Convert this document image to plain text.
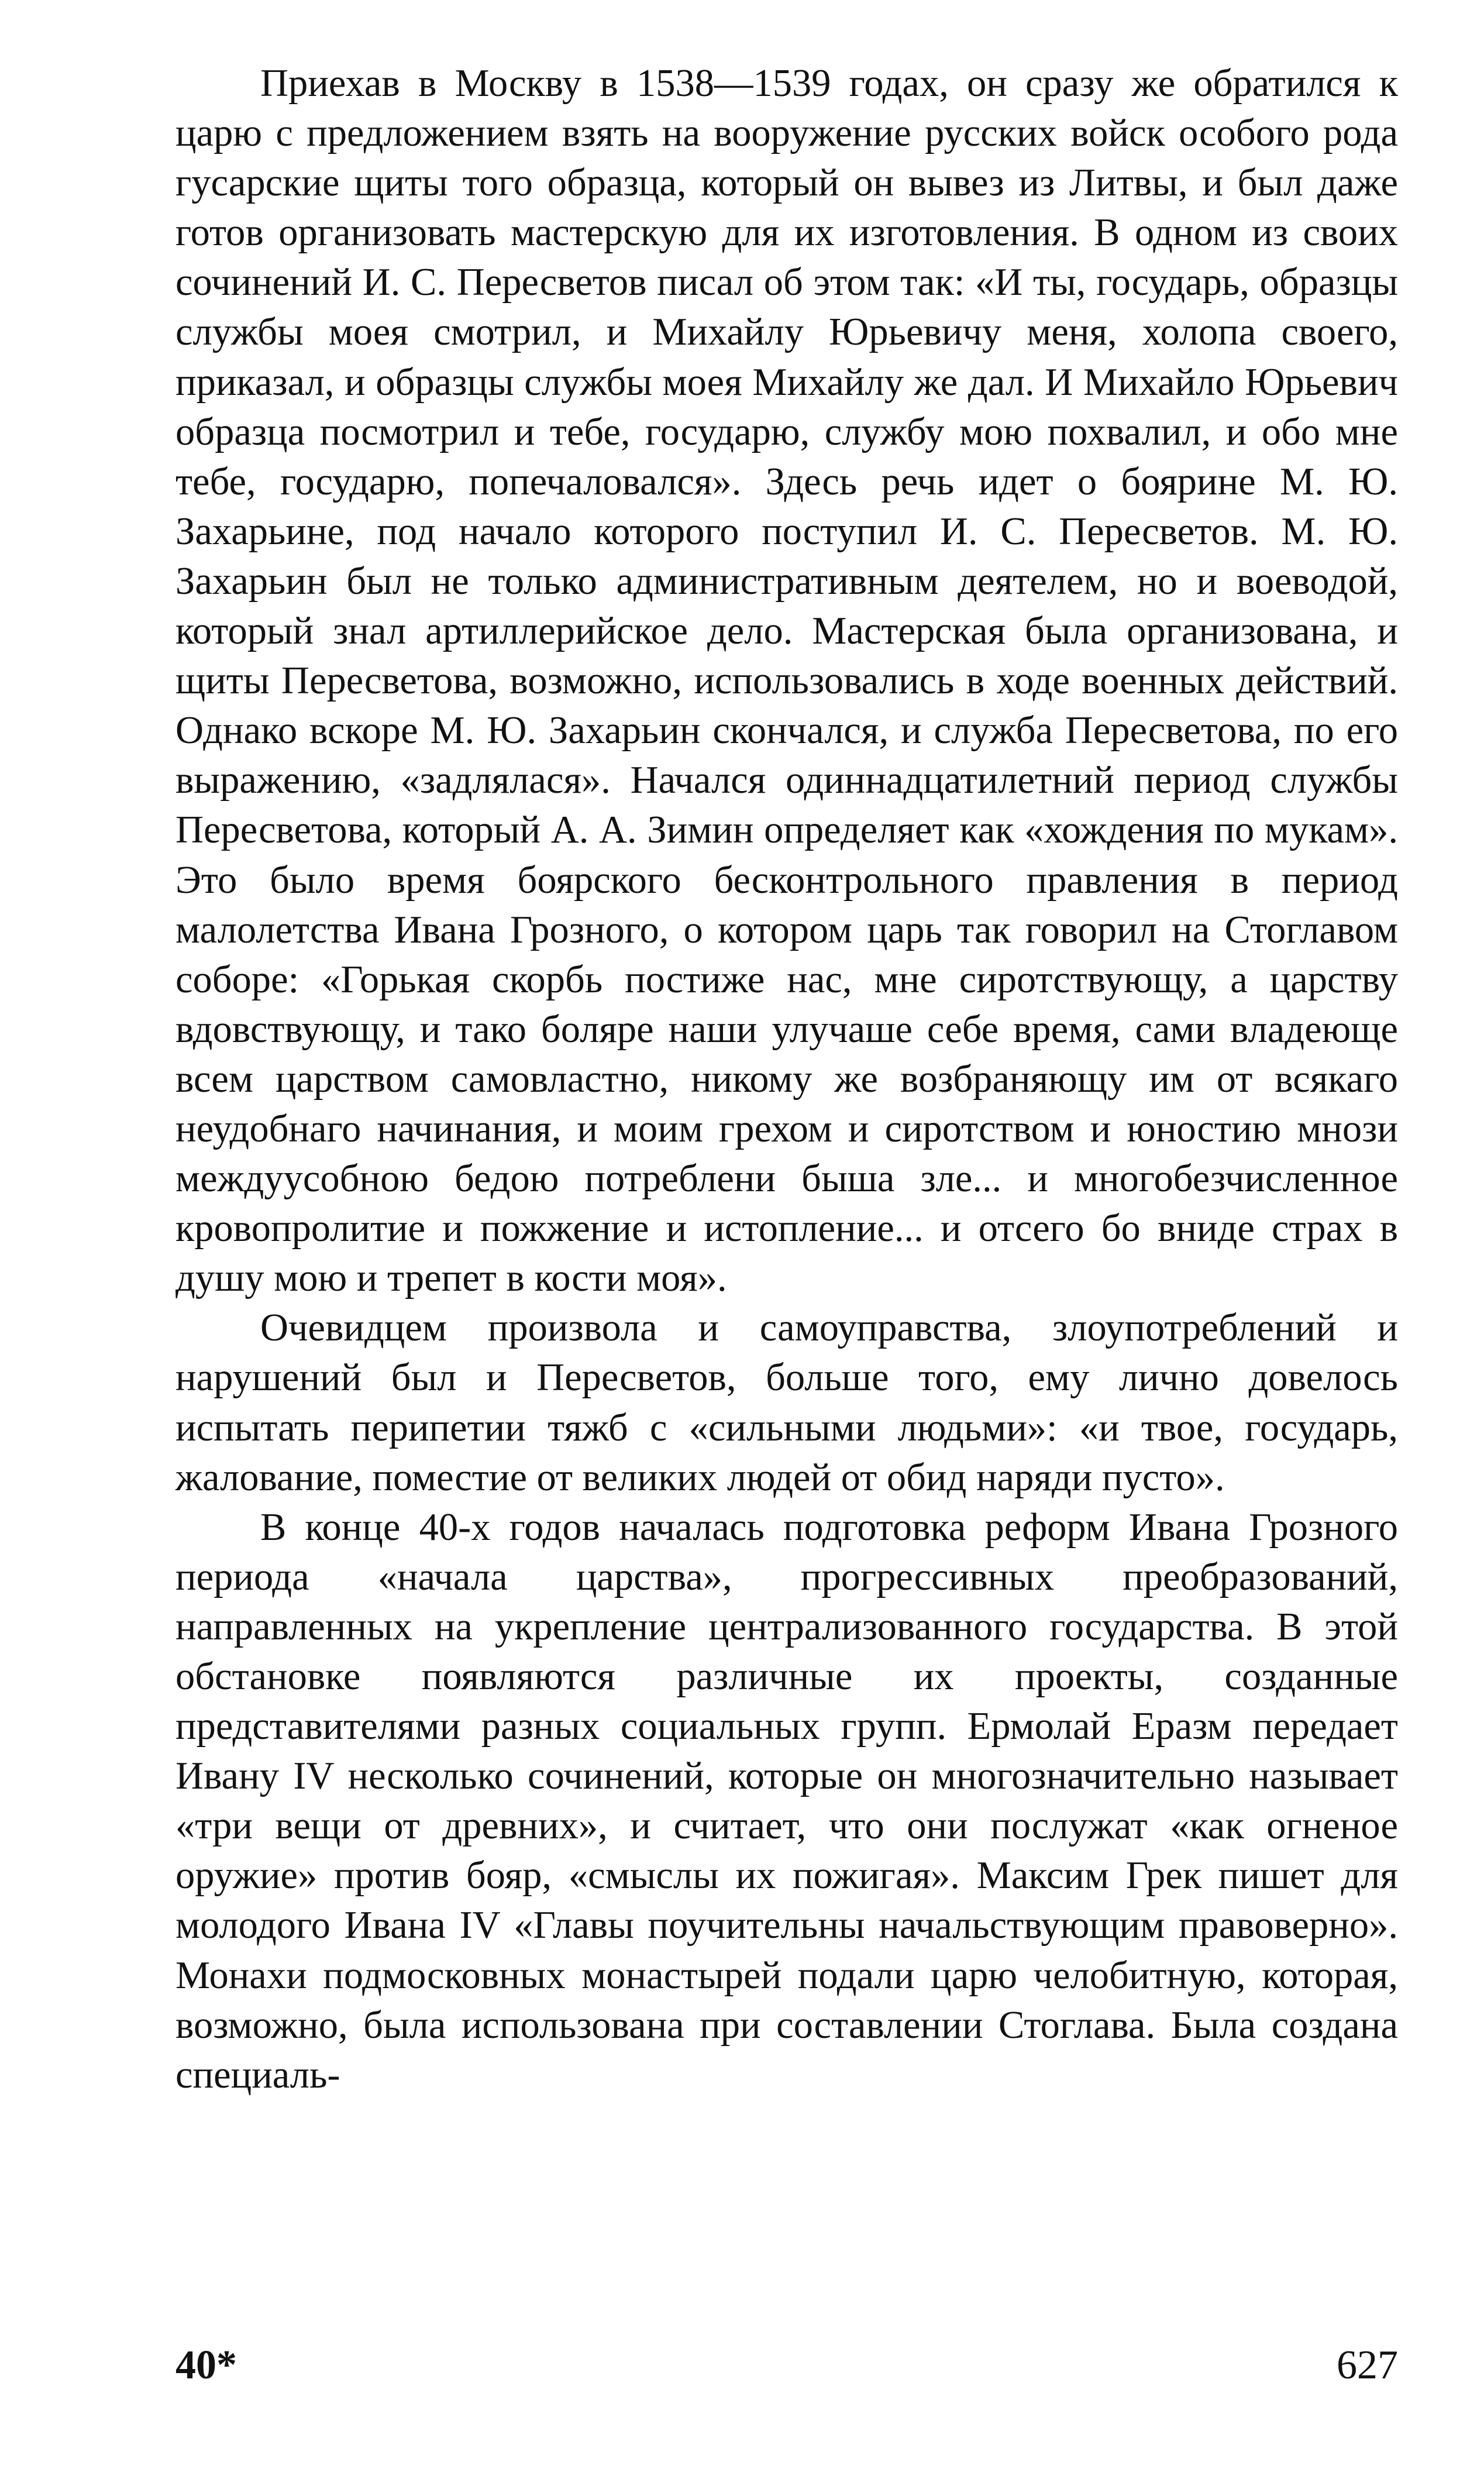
Приехав в Москву в 1538—1539 годах, он сразу же обратился к царю с предложением взять на вооружение русских войск особого рода гусарские щиты того образца, который он вывез из Литвы, и был даже готов организовать мастерскую для их изготовления. В одном из своих сочинений И. С. Пересветов писал об этом так: «И ты, государь, образцы службы моея смотрил, и Михайлу Юрьевичу меня, холопа своего, приказал, и образцы службы моея Михайлу же дал. И Михайло Юрьевич образца посмотрил и тебе, государю, службу мою похвалил, и обо мне тебе, государю, попечаловался». Здесь речь идет о боярине М. Ю. Захарьине, под начало которого поступил И. С. Пересветов. М. Ю. Захарьин был не только административным деятелем, но и воеводой, который знал артиллерийское дело. Мастерская была организована, и щиты Пересветова, возможно, использовались в ходе военных действий. Однако вскоре М. Ю. Захарьин скончался, и служба Пересветова, по его выражению, «задлялася». Начался одиннадцатилетний период службы Пересветова, который А. А. Зимин определяет как «хождения по мукам». Это было время боярского бесконтрольного правления в период малолетства Ивана Грозного, о котором царь так говорил на Стоглавом соборе: «Горькая скорбь постиже нас, мне сиротствующу, а царству вдовствующу, и тако боляре наши улучаше себе время, сами владеюще всем царством самовластно, никому же возбраняющу им от всякаго неудобнаго начинания, и моим грехом и сиротством и юностию мнози междуусобною бедою потреблени быша зле... и многобезчисленное кровопролитие и пожжение и истопление... и отсего бо вниде страх в душу мою и трепет в кости моя».

Очевидцем произвола и самоуправства, злоупотреблений и нарушений был и Пересветов, больше того, ему лично довелось испытать перипетии тяжб с «сильными людьми»: «и твое, государь, жалование, поместие от великих людей от обид наряди пусто».

В конце 40-х годов началась подготовка реформ Ивана Грозного периода «начала царства», прогрессивных преобразований, направленных на укрепление централизованного государства. В этой обстановке появляются различные их проекты, созданные представителями разных социальных групп. Ермолай Еразм передает Ивану IV несколько сочинений, которые он многозначительно называет «три вещи от древних», и считает, что они послужат «как огненое оружие» против бояр, «смыслы их пожигая». Максим Грек пишет для молодого Ивана IV «Главы поучительны начальствующим правоверно». Монахи подмосковных монастырей подали царю челобитную, которая, возможно, была использована при составлении Стоглава. Была создана специаль-

40*	627
